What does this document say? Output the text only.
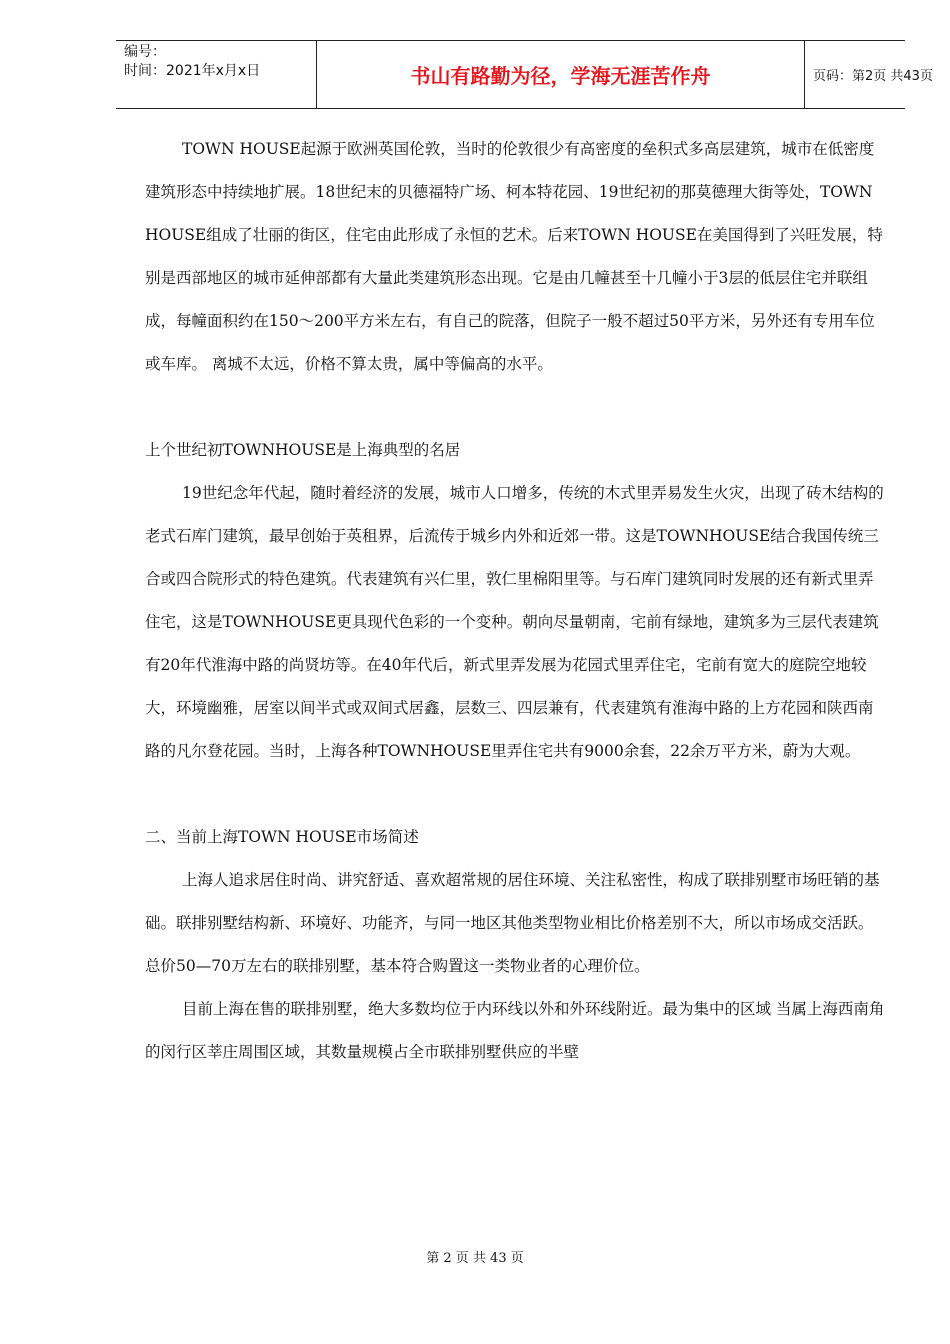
编号：
时间：2021年x月x日	书山有路勤为径，学海无涯苦作舟	页码：第2页 共43页

TOWN HOUSE起源于欧洲英国伦敦，当时的伦敦很少有高密度的垒积式多高层建筑，城市在低密度建筑形态中持续地扩展。18世纪末的贝德福特广场、柯本特花园、19世纪初的那莫德理大街等处，TOWN HOUSE组成了壮丽的街区，住宅由此形成了永恒的艺术。后来TOWN HOUSE在美国得到了兴旺发展，特别是西部地区的城市延伸部都有大量此类建筑形态出现。它是由几幢甚至十几幢小于3层的低层住宅并联组成，每幢面积约在150～200平方米左右，有自己的院落，但院子一般不超过50平方米，另外还有专用车位或车库。 离城不太远，价格不算太贵，属中等偏高的水平。

上个世纪初TOWNHOUSE是上海典型的名居

19世纪念年代起，随时着经济的发展，城市人口增多，传统的木式里弄易发生火灾，出现了砖木结构的老式石库门建筑，最早创始于英租界，后流传于城乡内外和近郊一带。这是TOWNHOUSE结合我国传统三合或四合院形式的特色建筑。代表建筑有兴仁里，敦仁里棉阳里等。与石库门建筑同时发展的还有新式里弄住宅，这是TOWNHOUSE更具现代色彩的一个变种。朝向尽量朝南，宅前有绿地，建筑多为三层代表建筑有20年代淮海中路的尚贤坊等。在40年代后，新式里弄发展为花园式里弄住宅，宅前有宽大的庭院空地较大，环境幽雅，居室以间半式或双间式居鑫，层数三、四层兼有，代表建筑有淮海中路的上方花园和陕西南路的凡尔登花园。当时，上海各种TOWNHOUSE里弄住宅共有9000余套，22余万平方米，蔚为大观。

二、当前上海TOWN HOUSE市场简述

上海人追求居住时尚、讲究舒适、喜欢超常规的居住环境、关注私密性，构成了联排别墅市场旺销的基础。联排别墅结构新、环境好、功能齐，与同一地区其他类型物业相比价格差别不大，所以市场成交活跃。总价50—70万左右的联排别墅，基本符合购置这一类物业者的心理价位。

目前上海在售的联排别墅，绝大多数均位于内环线以外和外环线附近。最为集中的区域 当属上海西南角的闵行区莘庄周围区域，其数量规模占全市联排别墅供应的半壁

第 2 页 共 43 页
